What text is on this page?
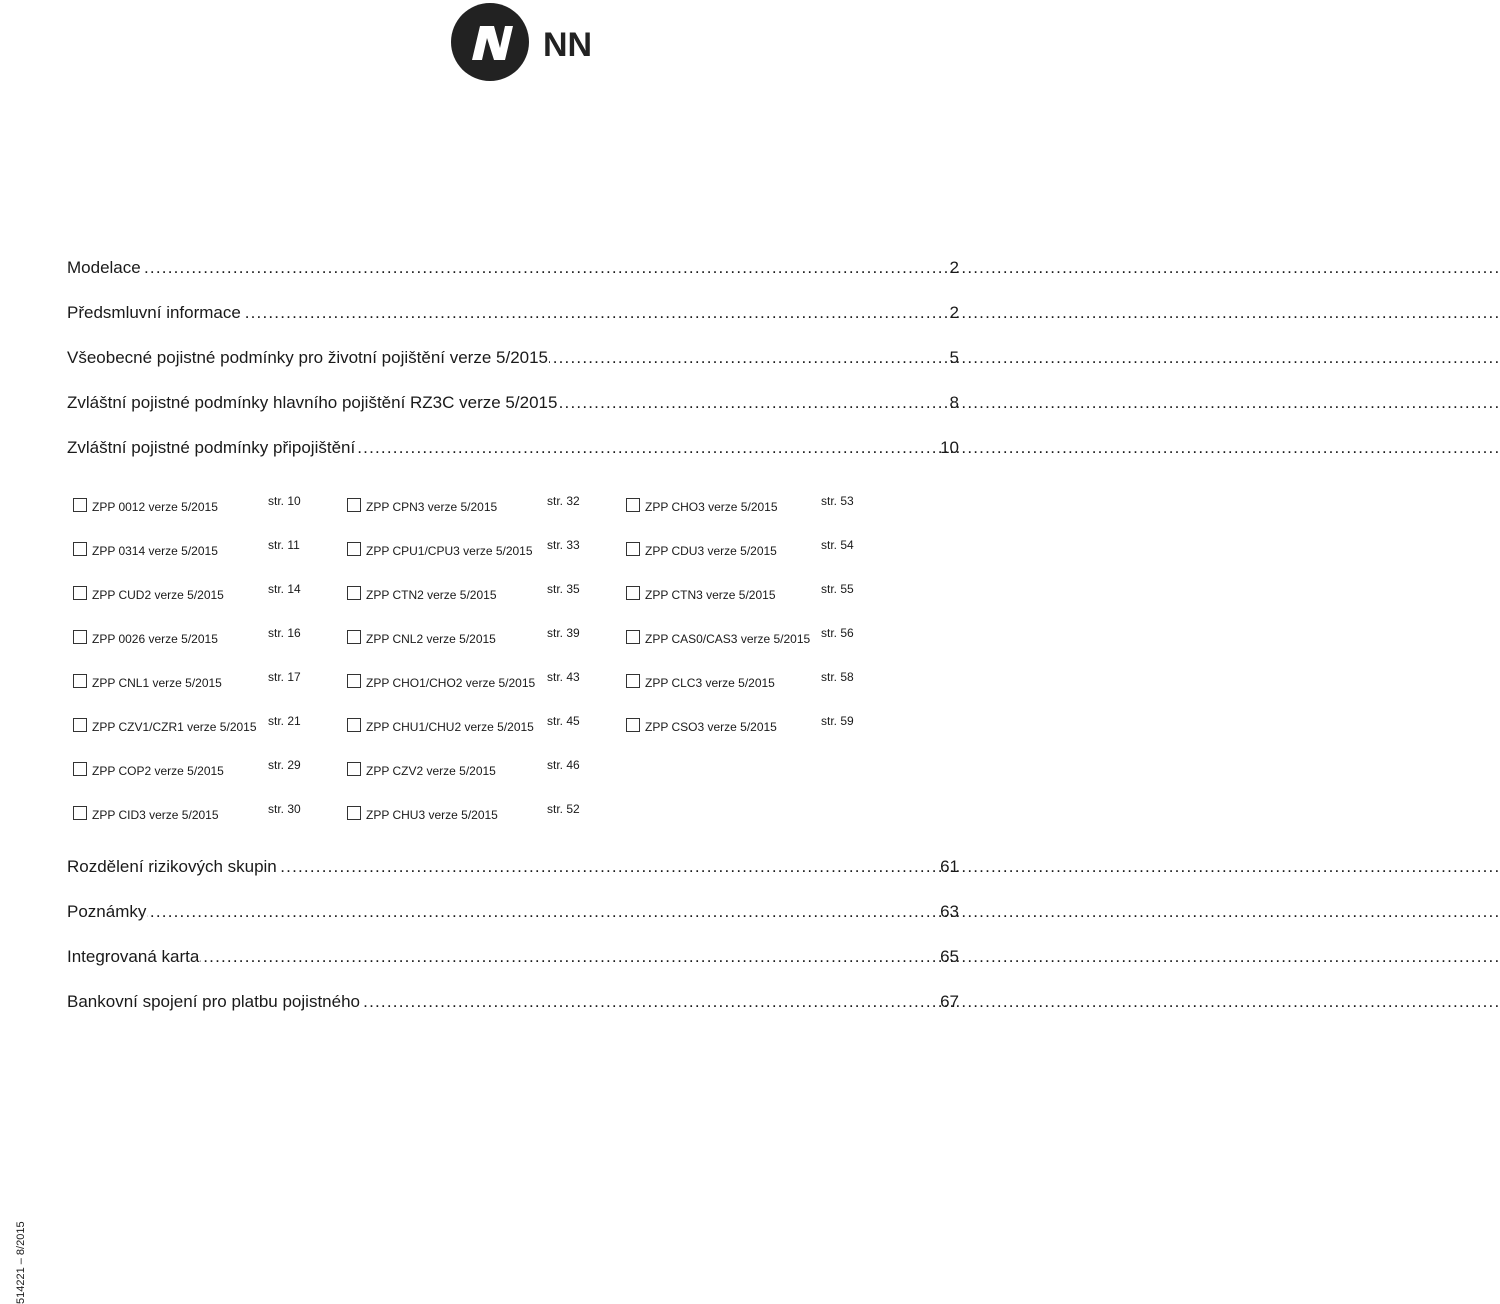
NN
.....
Modelace	2
.....
Předsmluvní informace	2
.....
Všeobecné pojistné podmínky pro životní pojištění verze 5/2015	5
.....
Zvláštní pojistné podmínky hlavního pojištění RZ3C verze 5/2015	8
.....
Zvláštní pojistné podmínky připojištění	10
ZPP 0012 verze 5/2015	str. 10
ZPP 0314 verze 5/2015	str. 11
ZPP CUD2 verze 5/2015	str. 14
ZPP 0026 verze 5/2015	str. 16
ZPP CNL1 verze 5/2015	str. 17
ZPP CZV1/CZR1 verze 5/2015 str. 21
ZPP COP2 verze 5/2015	str. 29
ZPP CID3 verze 5/2015	str. 30
ZPP CPN3 verze 5/2015	str. 32
ZPP CPU1/CPU3 verze 5/2015 str. 33
ZPP CTN2 verze 5/2015	str. 35
ZPP CNL2 verze 5/2015	str. 39
ZPP CHO1/CHO2 verze 5/2015 str. 43
ZPP CHU1/CHU2 verze 5/2015 str. 45
ZPP CZV2 verze 5/2015	str. 46
ZPP CHU3 verze 5/2015	str. 52
ZPP CHO3 verze 5/2015	str. 53
ZPP CDU3 verze 5/2015	str. 54
ZPP CTN3 verze 5/2015	str. 55
ZPP CAS0/CAS3 verze 5/2015 str. 56
ZPP CLC3 verze 5/2015	str. 58
ZPP CSO3 verze 5/2015	str. 59
.....
Rozdělení rizikových skupin	61
.....
Poznámky	63
.....
Integrovaná karta	65
.....
Bankovní spojení pro platbu pojistného	67
514221 – 8/2015
